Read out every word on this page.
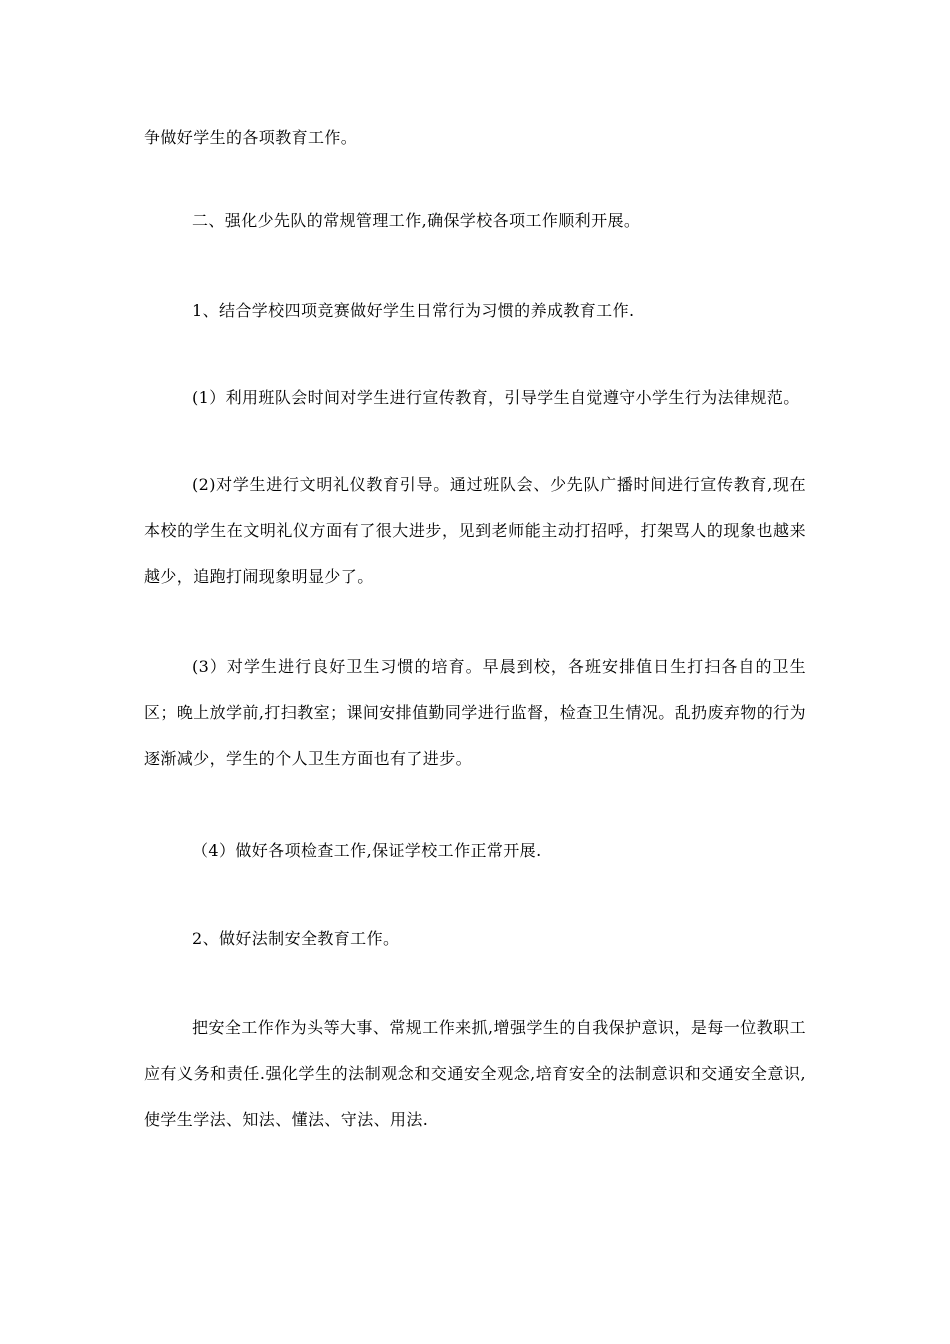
争做好学生的各项教育工作。
二、强化少先队的常规管理工作,确保学校各项工作顺利开展。
1、结合学校四项竞赛做好学生日常行为习惯的养成教育工作.
(1）利用班队会时间对学生进行宣传教育，引导学生自觉遵守小学生行为法律规范。
(2)对学生进行文明礼仪教育引导。通过班队会、少先队广播时间进行宣传教育,现在本校的学生在文明礼仪方面有了很大进步，见到老师能主动打招呼，打架骂人的现象也越来越少，追跑打闹现象明显少了。
(3）对学生进行良好卫生习惯的培育。早晨到校，各班安排值日生打扫各自的卫生区；晚上放学前,打扫教室；课间安排值勤同学进行监督，检查卫生情况。乱扔废弃物的行为逐渐减少，学生的个人卫生方面也有了进步。
（4）做好各项检查工作,保证学校工作正常开展.
2、做好法制安全教育工作。
把安全工作作为头等大事、常规工作来抓,增强学生的自我保护意识，是每一位教职工应有义务和责任.强化学生的法制观念和交通安全观念,培育安全的法制意识和交通安全意识,使学生学法、知法、懂法、守法、用法.
